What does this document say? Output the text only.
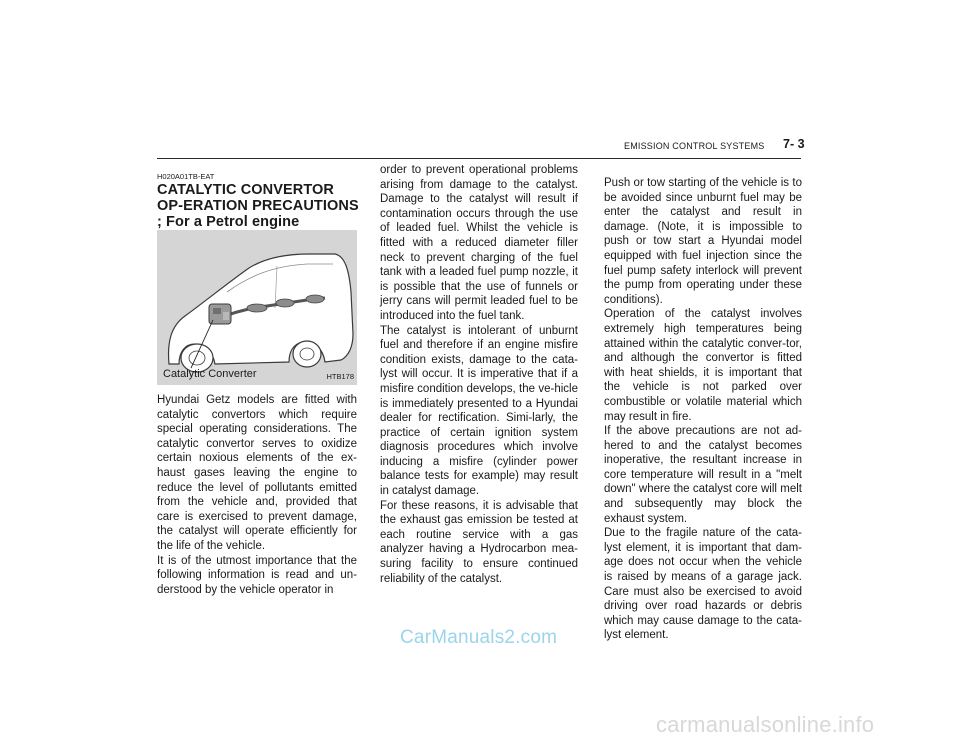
EMISSION CONTROL SYSTEMS 7- 3
H020A01TB-EAT
CATALYTIC CONVERTOR OP-ERATION PRECAUTIONS ; For a Petrol engine
Catalytic Converter	HTB178

Hyundai Getz models are fitted with catalytic convertors which require special operating considerations. The catalytic convertor serves to oxidize certain noxious elements of the ex-haust gases leaving the engine to reduce the level of pollutants emitted from the vehicle and, provided that care is exercised to prevent damage, the catalyst will operate efficiently for the life of the vehicle.

It is of the utmost importance that the following information is read and un-derstood by the vehicle operator in

order to prevent operational problems arising from damage to the catalyst. Damage to the catalyst will result if contamination occurs through the use of leaded fuel. Whilst the vehicle is fitted with a reduced diameter filler neck to prevent charging of the fuel tank with a leaded fuel pump nozzle, it is possible that the use of funnels or jerry cans will permit leaded fuel to be introduced into the fuel tank.

The catalyst is intolerant of unburnt fuel and therefore if an engine misfire condition exists, damage to the cata-lyst will occur. It is imperative that if a misfire condition develops, the ve-hicle is immediately presented to a Hyundai dealer for rectification. Simi-larly, the practice of certain ignition system diagnosis procedures which involve inducing a misfire (cylinder power balance tests for example) may result in catalyst damage.

For these reasons, it is advisable that the exhaust gas emission be tested at each routine service with a gas analyzer having a Hydrocarbon mea-suring facility to ensure continued reliability of the catalyst.

Push or tow starting of the vehicle is to be avoided since unburnt fuel may be enter the catalyst and result in damage. (Note, it is impossible to push or tow start a Hyundai model equipped with fuel injection since the fuel pump safety interlock will prevent the pump from operating under these conditions).

Operation of the catalyst involves extremely high temperatures being attained within the catalytic conver-tor, and although the convertor is fitted with heat shields, it is important that the vehicle is not parked over combustible or volatile material which may result in fire.

If the above precautions are not ad-hered to and the catalyst becomes inoperative, the resultant increase in core temperature will result in a "melt down" where the catalyst core will melt and subsequently may block the exhaust system.

Due to the fragile nature of the cata-lyst element, it is important that dam-age does not occur when the vehicle is raised by means of a garage jack. Care must also be exercised to avoid driving over road hazards or debris which may cause damage to the cata-lyst element.

CarManuals2.com
carmanualsonline.info
